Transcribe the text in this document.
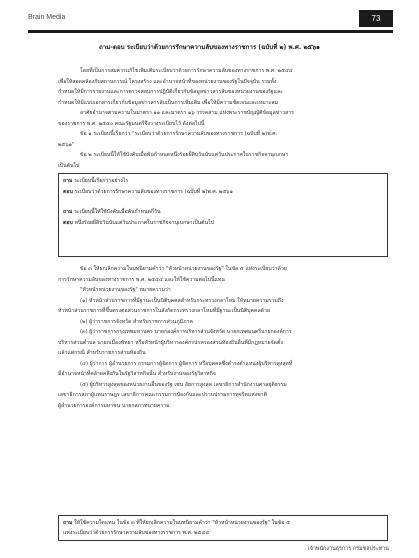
Brain Media	73
ถาม-ตอบ ระเบียบว่าด้วยการรักษาความลับของทางราชการ (ฉบับที่ ๒) พ.ศ. ๒๕๖๑

โดยที่เป็นการสมควรแก้ไขเพิ่มเติมระเบียบว่าด้วยการรักษาความลับของทางราชการ พ.ศ. ๒๕๔๔

เพื่อให้สอดคล้องกับสถานการณ์ โครงสร้าง และอำนาจหน้าที่ของหน่วยงานของรัฐในปัจจุบัน รวมทั้ง

กำหนดให้มีการรายงานและการตรวจสอบการปฏิบัติเกี่ยวกับข้อมูลข่าวสารลับของหน่วยงานของรัฐและ

กำหนดให้มีแบบเอกสารเกี่ยวกับข้อมูลข่าวสารลับเป็นการเพิ่มเติม เพื่อให้มีความชัดเจนและเหมาะสม

อาศัยอำนาจตามความในมาตรา ๑๑ และมาตรา ๑๖ วรรคสาม แห่งพระราชบัญญัติข้อมูลข่าวสาร

ของราชการ พ.ศ. ๒๕๔๐ คณะรัฐมนตรีจึงวางระเบียบไว้ ดังต่อไปนี้

ข้อ ๑ ระเบียบนี้เรียกว่า "ระเบียบว่าด้วยการรักษาความลับของทางราชการ (ฉบับที่ ๒)พ.ศ.

๒๕๖๑"

ข้อ ๒ ระเบียบนี้ให้ใช้บังคับเมื่อพ้นกำหนดหนึ่งร้อยยี่สิบวันนับแต่วันประกาศในราชกิจจานุเบกษา

เป็นต้นไป

ถาม ระเบียบนี้เรียกว่าอย่างไร
ตอบ ระเบียบว่าด้วยการรักษาความลับของทางราชการ (ฉบับที่ ๒)พ.ศ. ๒๕๖๑
ถาม ระเบียบนี้ให้ใช้บังคับเมื่อพ้นกำหนดกี่วัน
ตอบ หนึ่งร้อยยี่สิบวันนับแต่วันประกาศในราชกิจจานุเบกษาเป็นต้นไป

ข้อ ๓ ให้ยกเลิกความในบทนิยามคำว่า "หัวหน้าหน่วยงานของรัฐ" ในข้อ ๕ แห่งระเบียบว่าด้วย

การรักษาความลับของทางราชการ พ.ศ. ๒๕๔๔ และให้ใช้ความต่อไปนี้แทน

"หัวหน้าหน่วยงานของรัฐ" หมายความว่า

(๑) หัวหน้าส่วนราชการที่มีฐานะเป็นนิติบุคคลสำหรับกระทรวงกลาโหม ให้หมายความรวมถึง

หัวหน้าส่วนราชการที่ขึ้นตรงต่อส่วนราชการในสังกัดกระทรวงกลาโหมที่มีฐานะเป็นนิติบุคคลด้วย

(๒) ผู้ว่าราชการจังหวัด สำหรับราชการส่วนภูมิภาค

(๓) ผู้ว่าราชการกรุงเทพมหานคร นายกองค์การบริหารส่วนจังหวัด นายกเทศมนตรีนายกองค์การ

บริหารส่วนตำบล นายกเมืองพัทยา หรือหัวหน้าผู้บริหารองค์กรปกครองส่วนท้องถิ่นอื่นที่มีกฎหมายจัดตั้ง

แล้วแต่กรณี สำหรับราชการส่วนท้องถิ่น

(๔) ผู้ว่าการ ผู้อำนวยการ กรรมการผู้จัดการ ผู้จัดการ หรือบุคคลซึ่งดำรงตำแหน่งผู้บริหารสูงสุดที่

มีอำนาจหน้าที่คล้ายคลึงกันในรัฐวิสาหกิจนั้น สำหรับงานของรัฐวิสาหกิจ

(๕) ผู้บริหารสูงสุดของหน่วยงานอื่นของรัฐ เช่น อัยการสูงสุด เลขาธิการสำนักงานศาลยุติธรรม

เลขาธิการสภาผู้แทนราษฎร เลขาธิการคณะกรรมการป้องกันและปราบปรามการทุจริตแห่งชาติ

ผู้อำนวยการองค์การมหาชน นายกสภาทนายความ

ถาม ให้ใช้ความใดแทน ในข้อ ๓ ที่ให้ยกเลิกความในบทนิยามคำว่า "หัวหน้าหน่วยงานของรัฐ" ในข้อ ๕
แห่งระเบียบว่าด้วยการรักษาความลับของทางราชการ พ.ศ. ๒๕๔๔
เจ้าพนักงานธุรการ กรมชลประทาน
